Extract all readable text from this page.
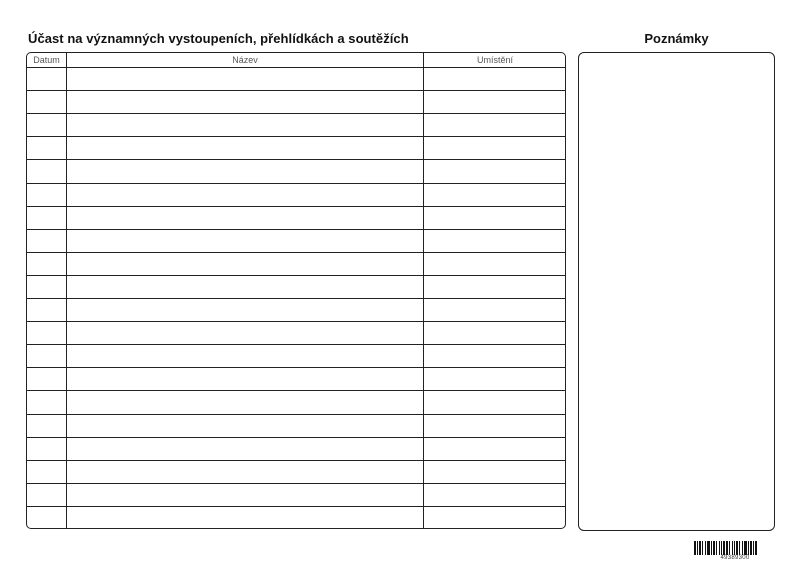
Účast na významných vystoupeních, přehlídkách a soutěžích	Poznámky
Datum	Název	Umístění
49389300
